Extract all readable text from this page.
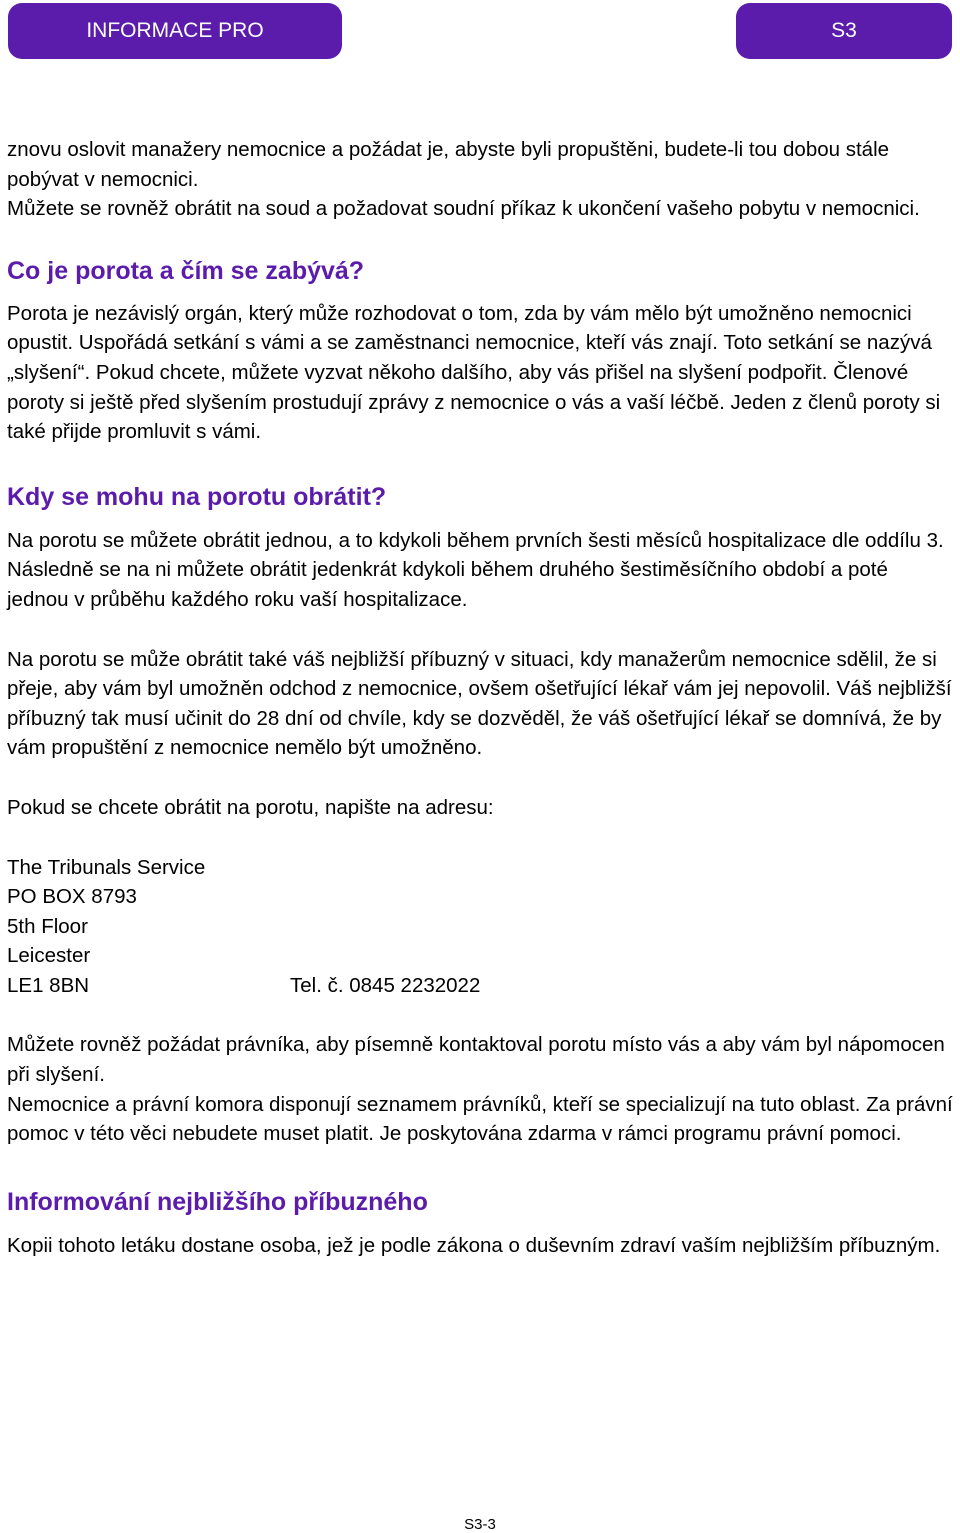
INFORMACE PRO	S3

znovu oslovit manažery nemocnice a požádat je, abyste byli propuštěni, budete-li tou dobou stále pobývat v nemocnici.

Můžete se rovněž obrátit na soud a požadovat soudní příkaz k ukončení vašeho pobytu v nemocnici.

Co je porota a čím se zabývá?

Porota je nezávislý orgán, který může rozhodovat o tom, zda by vám mělo být umožněno nemocnici opustit. Uspořádá setkání s vámi a se zaměstnanci nemocnice, kteří vás znají. Toto setkání se nazývá „slyšení“. Pokud chcete, můžete vyzvat někoho dalšího, aby vás přišel na slyšení podpořit. Členové poroty si ještě před slyšením prostudují zprávy z nemocnice o vás a vaší léčbě. Jeden z členů poroty si také přijde promluvit s vámi.

Kdy se mohu na porotu obrátit?

Na porotu se můžete obrátit jednou, a to kdykoli během prvních šesti měsíců hospitalizace dle oddílu 3. Následně se na ni můžete obrátit jedenkrát kdykoli během druhého šestiměsíčního období a poté jednou v průběhu každého roku vaší hospitalizace.

Na porotu se může obrátit také váš nejbližší příbuzný v situaci, kdy manažerům nemocnice sdělil, že si přeje, aby vám byl umožněn odchod z nemocnice, ovšem ošetřující lékař vám jej nepovolil. Váš nejbližší příbuzný tak musí učinit do 28 dní od chvíle, kdy se dozvěděl, že váš ošetřující lékař se domnívá, že by vám propuštění z nemocnice nemělo být umožněno.

Pokud se chcete obrátit na porotu, napište na adresu:

The Tribunals Service

PO BOX 8793

5th Floor

Leicester

LE1 8BN	Tel. č. 0845 2232022

Můžete rovněž požádat právníka, aby písemně kontaktoval porotu místo vás a aby vám byl nápomocen při slyšení.

Nemocnice a právní komora disponují seznamem právníků, kteří se specializují na tuto oblast. Za právní pomoc v této věci nebudete muset platit. Je poskytována zdarma v rámci programu právní pomoci.

Informování nejbližšího příbuzného

Kopii tohoto letáku dostane osoba, jež je podle zákona o duševním zdraví vaším nejbližším příbuzným.

S3-3
